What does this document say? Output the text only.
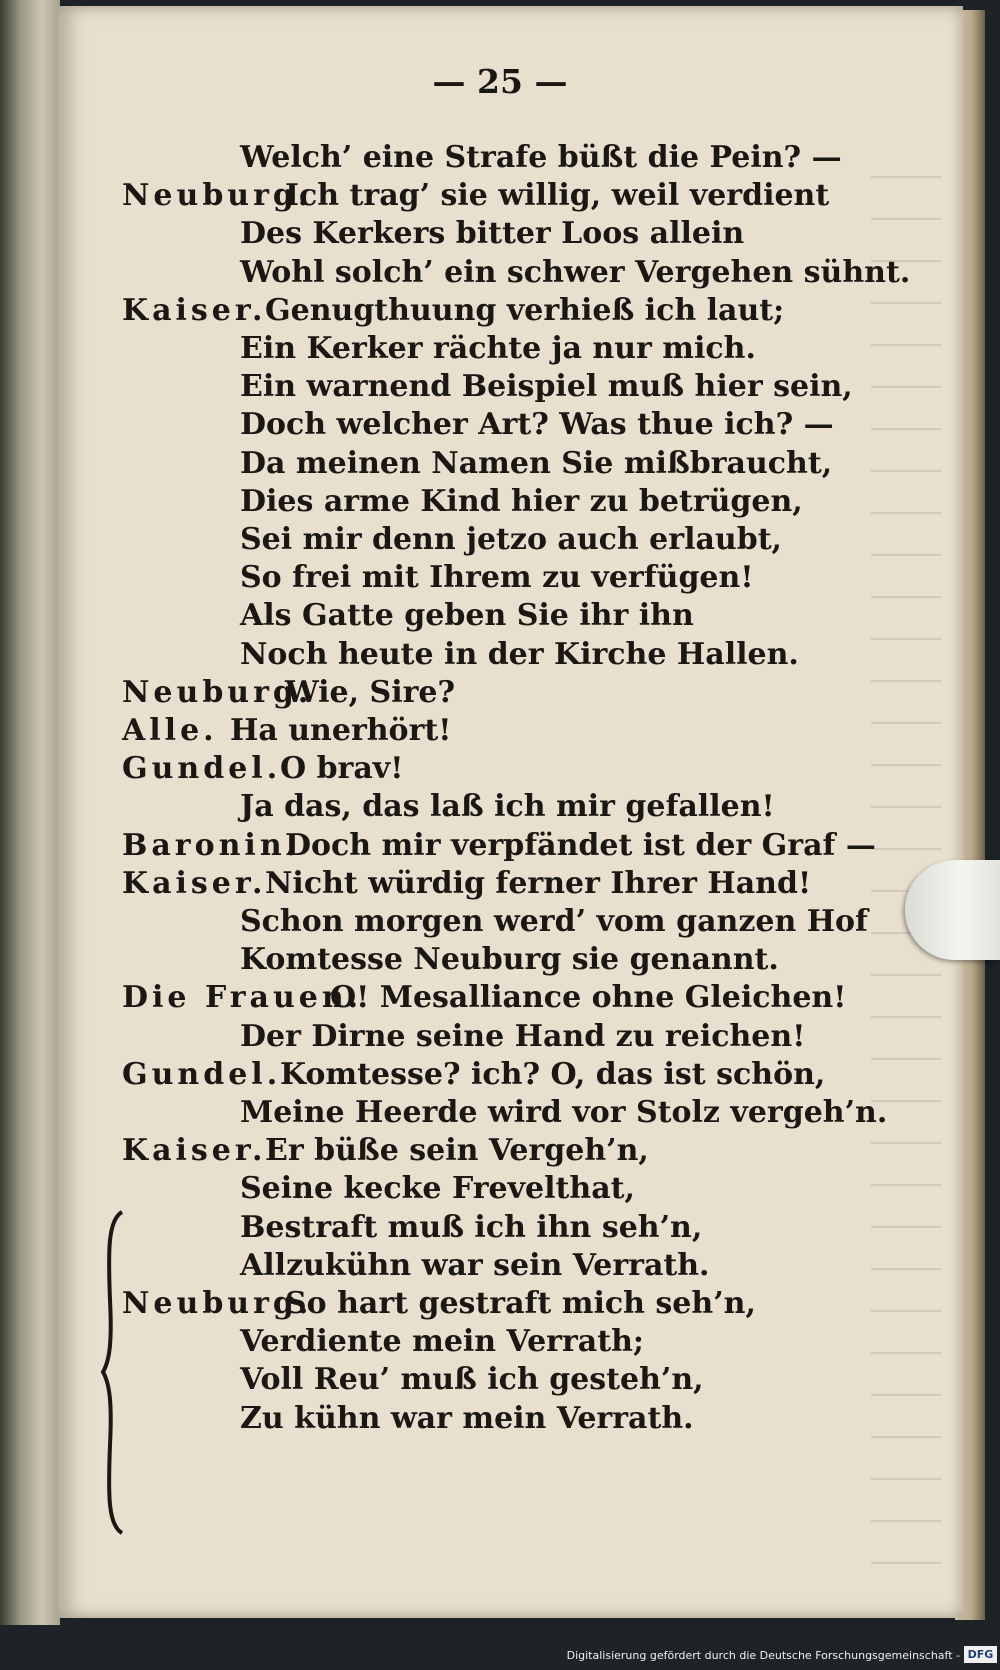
— 25 —
Welch’ eine Strafe büßt die Pein? —
Neuburg.
Ich trag’ sie willig, weil verdient
Des Kerkers bitter Loos allein
Wohl solch’ ein schwer Vergehen sühnt.
Kaiser.
Genugthuung verhieß ich laut;
Ein Kerker rächte ja nur mich.
Ein warnend Beispiel muß hier sein,
Doch welcher Art? Was thue ich? —
Da meinen Namen Sie mißbraucht,
Dies arme Kind hier zu betrügen,
Sei mir denn jetzo auch erlaubt,
So frei mit Ihrem zu verfügen!
Als Gatte geben Sie ihr ihn
Noch heute in der Kirche Hallen.
Neuburg.
Wie, Sire?
Alle. Ha unerhört!
Gundel.
O brav!
Ja das, das laß ich mir gefallen!
Baronin.
Doch mir verpfändet ist der Graf —
Kaiser.
Nicht würdig ferner Ihrer Hand!
Schon morgen werd’ vom ganzen Hof
Komtesse Neuburg sie genannt.
Die Frauen.
O! Mesalliance ohne Gleichen!
Der Dirne seine Hand zu reichen!
Gundel.
Komtesse? ich? O, das ist schön,
Meine Heerde wird vor Stolz vergeh’n.
Kaiser.
Er büße sein Vergeh’n,
Seine kecke Frevelthat,
Bestraft muß ich ihn seh’n,
Allzukühn war sein Verrath.
Neuburg.
So hart gestraft mich seh’n,
Verdiente mein Verrath;
Voll Reu’ muß ich gesteh’n,
Zu kühn war mein Verrath.
Digitalisierung gefördert durch die Deutsche Forschungsgemeinschaft - DFG
